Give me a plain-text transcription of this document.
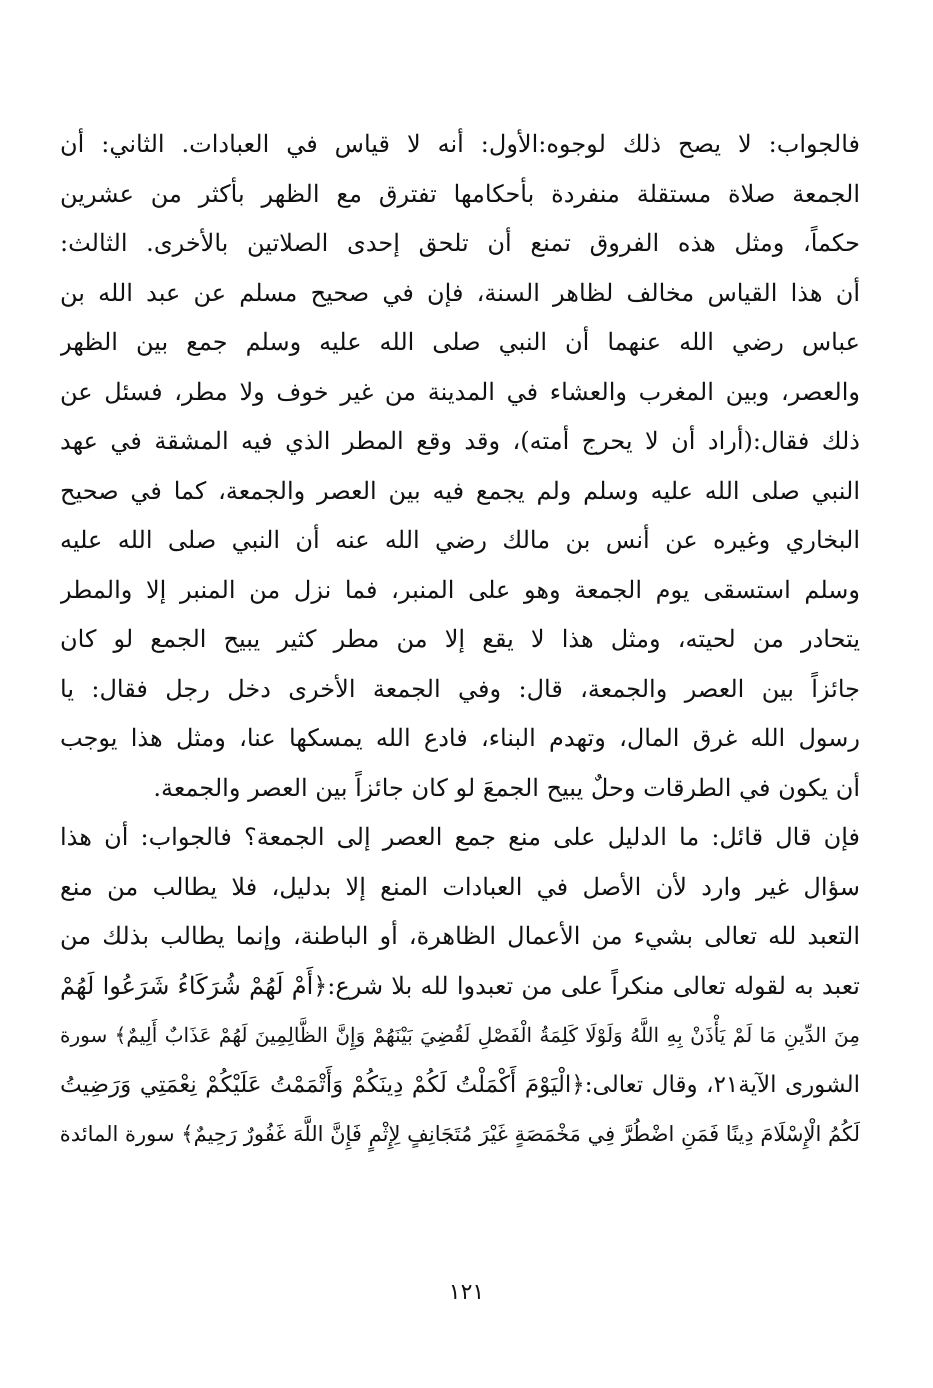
فالجواب: لا يصح ذلك لوجوه:الأول: أنه لا قياس في العبادات. الثاني: أن
الجمعة صلاة مستقلة منفردة بأحكامها تفترق مع الظهر بأكثر من عشرين
حكماً، ومثل هذه الفروق تمنع أن تلحق إحدى الصلاتين بالأخرى. الثالث:
أن هذا القياس مخالف لظاهر السنة، فإن في صحيح مسلم عن عبد الله بن
عباس رضي الله عنهما أن النبي صلى الله عليه وسلم جمع بين الظهر
والعصر، وبين المغرب والعشاء في المدينة من غير خوف ولا مطر، فسئل عن
ذلك فقال:(أراد أن لا يحرج أمته)، وقد وقع المطر الذي فيه المشقة في عهد
النبي صلى الله عليه وسلم ولم يجمع فيه بين العصر والجمعة، كما في صحيح
البخاري وغيره عن أنس بن مالك رضي الله عنه أن النبي صلى الله عليه
وسلم استسقى يوم الجمعة وهو على المنبر، فما نزل من المنبر إلا والمطر
يتحادر من لحيته، ومثل هذا لا يقع إلا من مطر كثير يبيح الجمع لو كان
جائزاً بين العصر والجمعة، قال: وفي الجمعة الأخرى دخل رجل فقال: يا
رسول الله غرق المال، وتهدم البناء، فادع الله يمسكها عنا، ومثل هذا يوجب
أن يكون في الطرقات وحلٌ يبيح الجمعَ لو كان جائزاً بين العصر والجمعة.
فإن قال قائل: ما الدليل على منع جمع العصر إلى الجمعة؟ فالجواب: أن هذا
سؤال غير وارد لأن الأصل في العبادات المنع إلا بدليل، فلا يطالب من منع
التعبد لله تعالى بشيء من الأعمال الظاهرة، أو الباطنة، وإنما يطالب بذلك من
تعبد به لقوله تعالى منكراً على من تعبدوا لله بلا شرع:﴿أَمْ لَهُمْ شُرَكَاءُ شَرَعُوا لَهُمْ
مِنَ الدِّينِ مَا لَمْ يَأْذَنْ بِهِ اللَّهُ وَلَوْلَا كَلِمَةُ الْفَصْلِ لَقُضِيَ بَيْنَهُمْ وَإِنَّ الظَّالِمِينَ لَهُمْ عَذَابٌ أَلِيمٌ﴾ سورة
الشورى الآية٢١، وقال تعالى:﴿الْيَوْمَ أَكْمَلْتُ لَكُمْ دِينَكُمْ وَأَتْمَمْتُ عَلَيْكُمْ نِعْمَتِي وَرَضِيتُ
لَكُمُ الْإِسْلَامَ دِينًا فَمَنِ اضْطُرَّ فِي مَخْمَصَةٍ غَيْرَ مُتَجَانِفٍ لِإِثْمٍ فَإِنَّ اللَّهَ غَفُورٌ رَحِيمٌ﴾ سورة المائدة
١٢١
